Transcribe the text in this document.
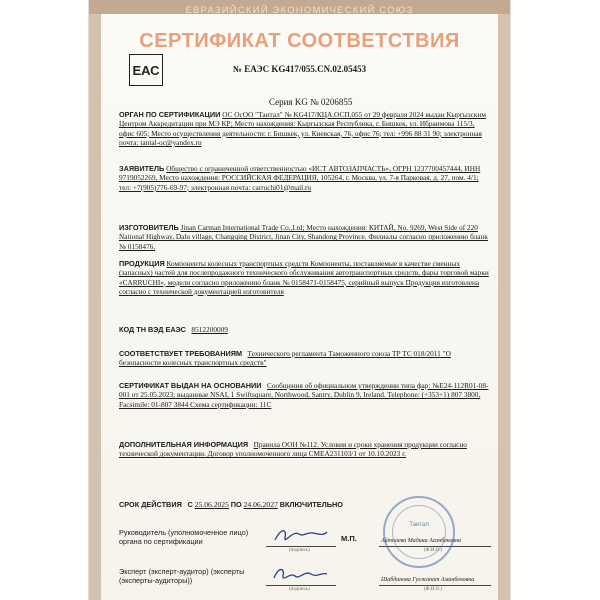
ЕВРАЗИЙСКИЙ ЭКОНОМИЧЕСКИЙ СОЮЗ
СЕРТИФИКАТ СООТВЕТСТВИЯ
ЕАС	№ ЕАЭС KG417/055.CN.02.05453
Серия KG № 0206855
ОРГАН ПО СЕРТИФИКАЦИИ ОС ОсОО "Тантал" № KG417/КЦА.ОСП.055 от 29 февраля 2024 выдан Кыргызским Центром Аккредитации при МЭ КР; Место нахождения: Кыргызская Республика, г. Бишкек, ул. Ибраимова 115/3, офис 605; Место осуществления деятельности: г. Бишкек, ул. Киевская, 76, офис 76; тел: +996 88 31 90; электронная почта: tantal-oc@yandex.ru
ЗАЯВИТЕЛЬ Общество с ограниченной ответственностью «ИСТ АВТОЗАПЧАСТЬ», ОГРН 1237700457444, ИНН 9719052269, Место нахождения: РОССИЙСКАЯ ФЕДЕРАЦИЯ, 105264, г. Москва, ул. 7-я Парковая, д. 27, пом. 4/1; тел: +7(905)776-69-97; электронная почта: carruchi01@mail.ru
ИЗГОТОВИТЕЛЬ Jinan Carman International Trade Co.,Ltd; Место нахождения: КИТАЙ, No. 9269, West Side of 220 National Highway, Dalu village, Changqing District, Jinan City, Shandong Province. Филиалы согласно приложению бланк № 0158476.
ПРОДУКЦИЯ Компоненты колесных транспортных средств Компоненты, поставляемые в качестве сменных (запасных) частей для послепродажного технического обслуживания автотранспортных средств, фары торговой марки «CARRUCHI», модели согласно приложению бланк № 0158471-0158475, серийный выпуск Продукция изготовлена согласно с технической документацией изготовителя
КОД ТН ВЭД ЕАЭС 8512200009
СООТВЕТСТВУЕТ ТРЕБОВАНИЯМ Технического регламента Таможенного союза ТР ТС 018/2011 "О безопасности колесных транспортных средств"
СЕРТИФИКАТ ВЫДАН НА ОСНОВАНИИ Сообщения об официальном утверждении типа фар: №E24-112R01-08-001 от 25.05.2023; выданные NSAI, 1 Swiftsquare, Northwood, Santry, Dublin 9, Ireland. Telephone: (+353+1) 807 3800, Facsimile: 01-807 3844 Схема сертификации: 11С
ДОПОЛНИТЕЛЬНАЯ ИНФОРМАЦИЯ Правила ООН №112. Условия и сроки хранения продукции согласно технической документации. Договор уполномоченного лица СМЕА231103/1 от 10.10.2023 г.
СРОК ДЕЙСТВИЯ С 25.06.2025 ПО 24.06.2027 ВКЛЮЧИТЕЛЬНО
Руководитель (уполномоченное лицо) органа по сертификации
(подпись)
М.П.	Айтпаева Мадина Асанбековна
(Ф.И.О.)
Эксперт (эксперт-аудитор) (эксперты (эксперты-аудиторы))
(подпись)
Шабданова Гулжанат Аманбековна
(Ф.И.О.)
Тантал
